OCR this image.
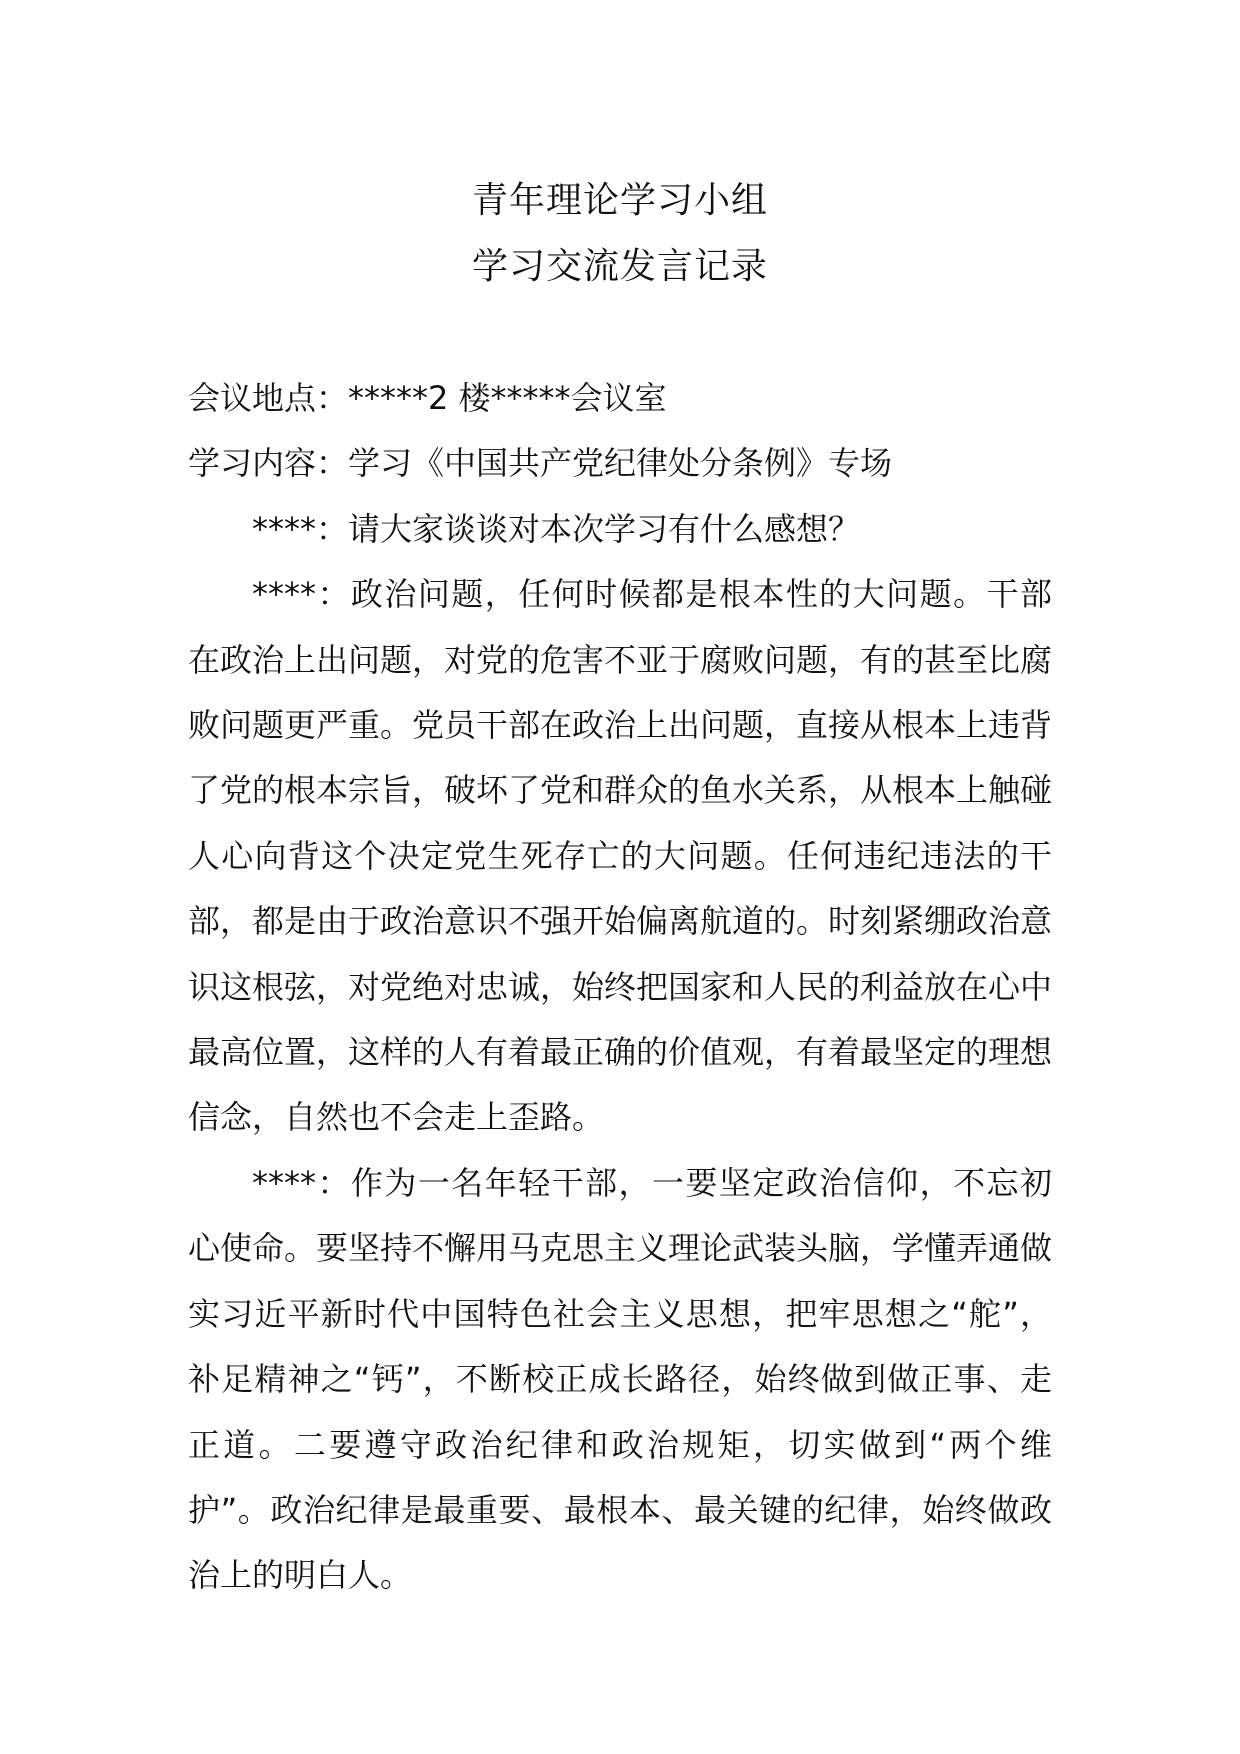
青年理论学习小组
学习交流发言记录
会议地点：*****2 楼*****会议室
学习内容：学习《中国共产党纪律处分条例》专场

****：请大家谈谈对本次学习有什么感想？

****：政治问题，任何时候都是根本性的大问题。干部在政治上出问题，对党的危害不亚于腐败问题，有的甚至比腐败问题更严重。党员干部在政治上出问题，直接从根本上违背了党的根本宗旨，破坏了党和群众的鱼水关系，从根本上触碰人心向背这个决定党生死存亡的大问题。任何违纪违法的干部，都是由于政治意识不强开始偏离航道的。时刻紧绷政治意识这根弦，对党绝对忠诚，始终把国家和人民的利益放在心中最高位置，这样的人有着最正确的价值观，有着最坚定的理想信念，自然也不会走上歪路。

****：作为一名年轻干部，一要坚定政治信仰，不忘初心使命。要坚持不懈用马克思主义理论武装头脑，学懂弄通做实习近平新时代中国特色社会主义思想，把牢思想之“舵”，补足精神之“钙”，不断校正成长路径，始终做到做正事、走正道。二要遵守政治纪律和政治规矩，切实做到“两个维护”。政治纪律是最重要、最根本、最关键的纪律，始终做政治上的明白人。
